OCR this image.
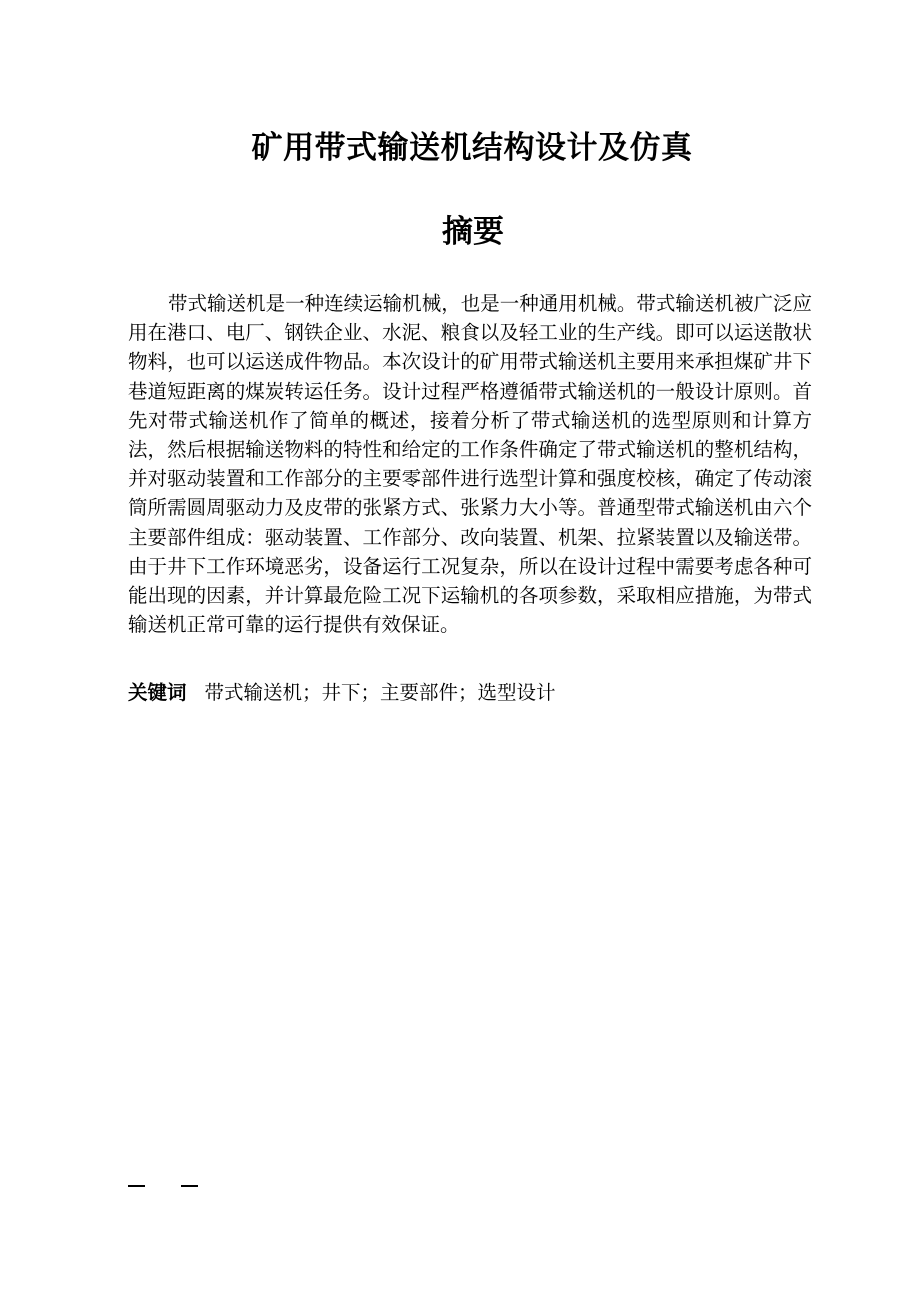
矿用带式输送机结构设计及仿真
摘要

带式输送机是一种连续运输机械，也是一种通用机械。带式输送机被广泛应用在港口、电厂、钢铁企业、水泥、粮食以及轻工业的生产线。即可以运送散状物料，也可以运送成件物品。本次设计的矿用带式输送机主要用来承担煤矿井下巷道短距离的煤炭转运任务。设计过程严格遵循带式输送机的一般设计原则。首先对带式输送机作了简单的概述，接着分析了带式输送机的选型原则和计算方法，然后根据输送物料的特性和给定的工作条件确定了带式输送机的整机结构，并对驱动装置和工作部分的主要零部件进行选型计算和强度校核，确定了传动滚筒所需圆周驱动力及皮带的张紧方式、张紧力大小等。普通型带式输送机由六个主要部件组成：驱动装置、工作部分、改向装置、机架、拉紧装置以及输送带。由于井下工作环境恶劣，设备运行工况复杂，所以在设计过程中需要考虑各种可能出现的因素，并计算最危险工况下运输机的各项参数，采取相应措施，为带式输送机正常可靠的运行提供有效保证。

关键词 带式输送机；井下；主要部件；选型设计
